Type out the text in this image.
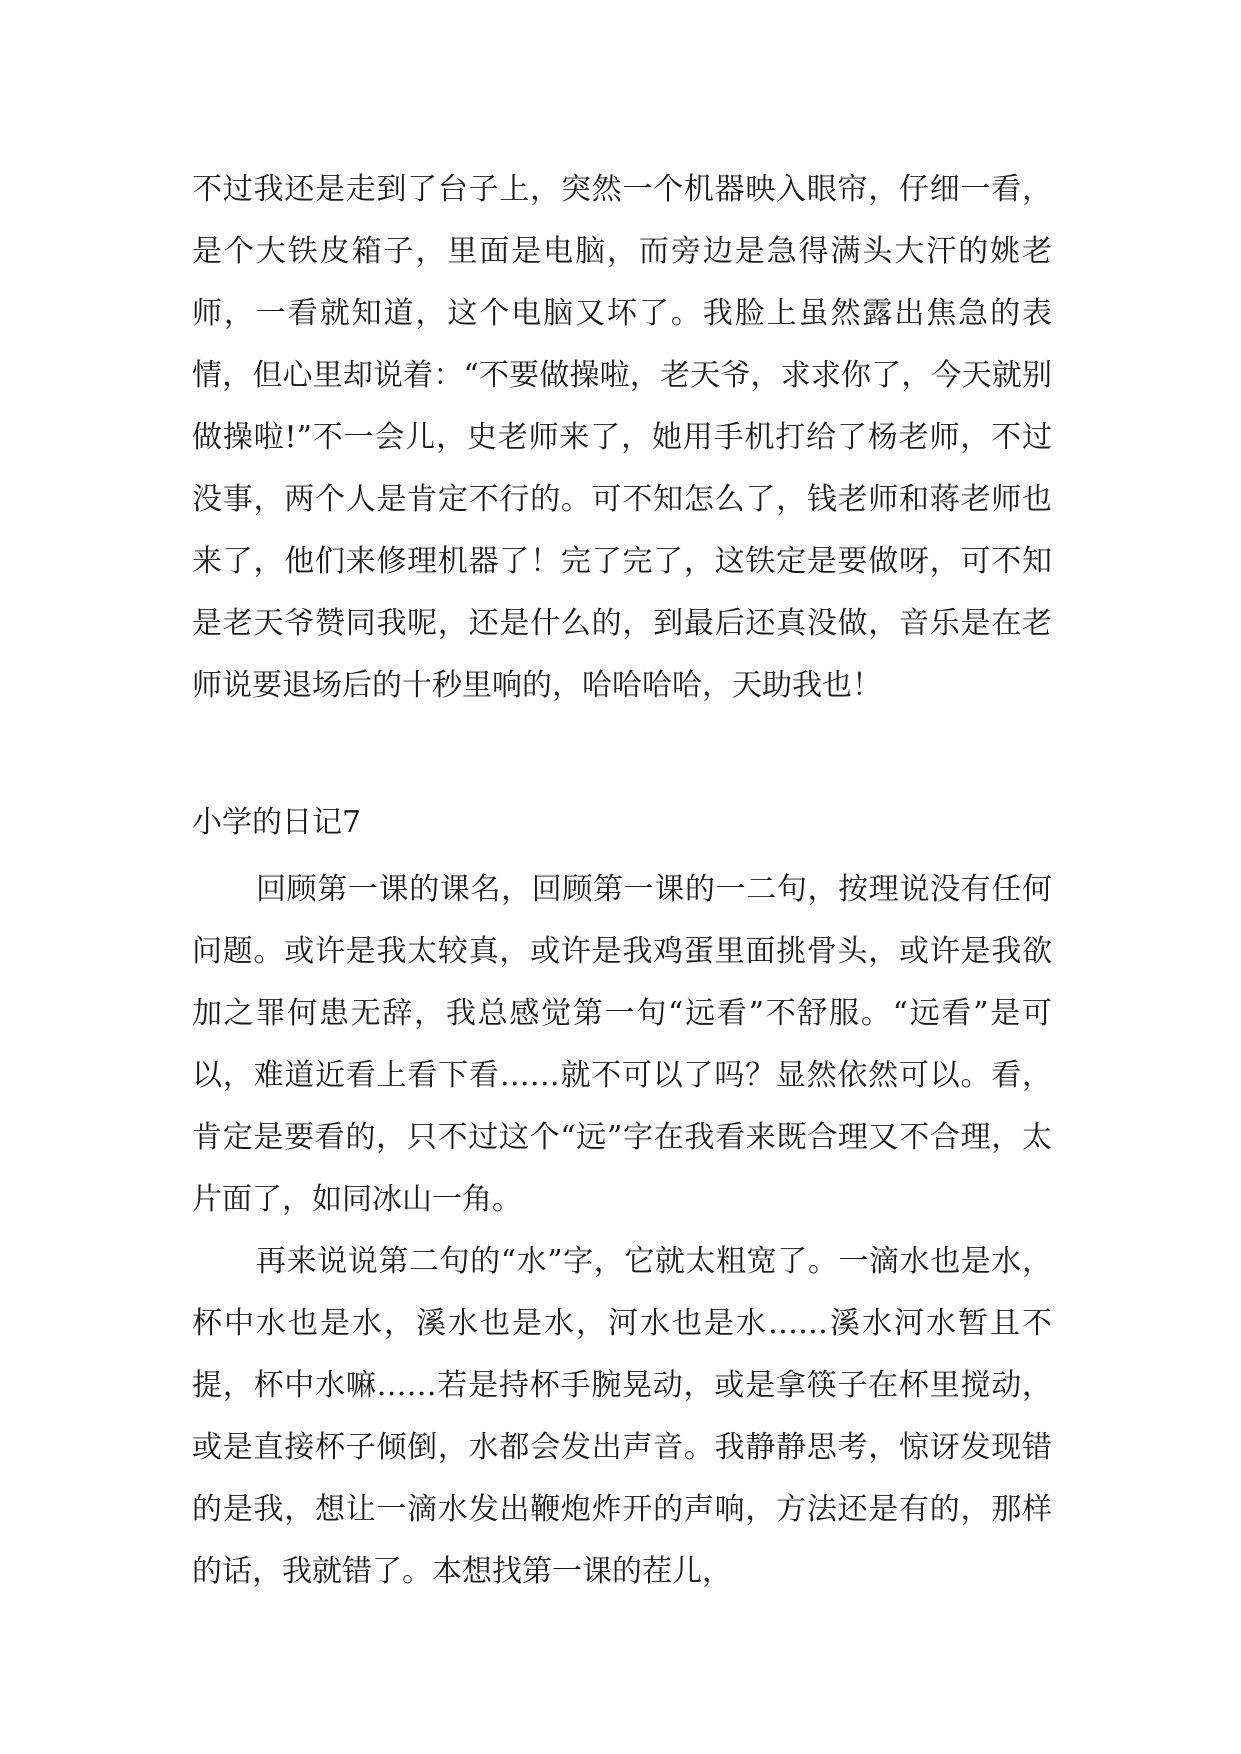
不过我还是走到了台子上，突然一个机器映入眼帘，仔细一看，是个大铁皮箱子，里面是电脑，而旁边是急得满头大汗的姚老师，一看就知道，这个电脑又坏了。我脸上虽然露出焦急的表情，但心里却说着：“不要做操啦，老天爷，求求你了，今天就别做操啦!”不一会儿，史老师来了，她用手机打给了杨老师，不过没事，两个人是肯定不行的。可不知怎么了，钱老师和蒋老师也来了，他们来修理机器了！完了完了，这铁定是要做呀，可不知是老天爷赞同我呢，还是什么的，到最后还真没做，音乐是在老师说要退场后的十秒里响的，哈哈哈哈，天助我也！

小学的日记7

回顾第一课的课名，回顾第一课的一二句，按理说没有任何问题。或许是我太较真，或许是我鸡蛋里面挑骨头，或许是我欲加之罪何患无辞，我总感觉第一句“远看”不舒服。“远看”是可以，难道近看上看下看……就不可以了吗？显然依然可以。看，肯定是要看的，只不过这个“远”字在我看来既合理又不合理，太片面了，如同冰山一角。

再来说说第二句的“水”字，它就太粗宽了。一滴水也是水，杯中水也是水，溪水也是水，河水也是水……溪水河水暂且不提，杯中水嘛……若是持杯手腕晃动，或是拿筷子在杯里搅动，或是直接杯子倾倒，水都会发出声音。我静静思考，惊讶发现错的是我，想让一滴水发出鞭炮炸开的声响，方法还是有的，那样的话，我就错了。本想找第一课的茬儿，
